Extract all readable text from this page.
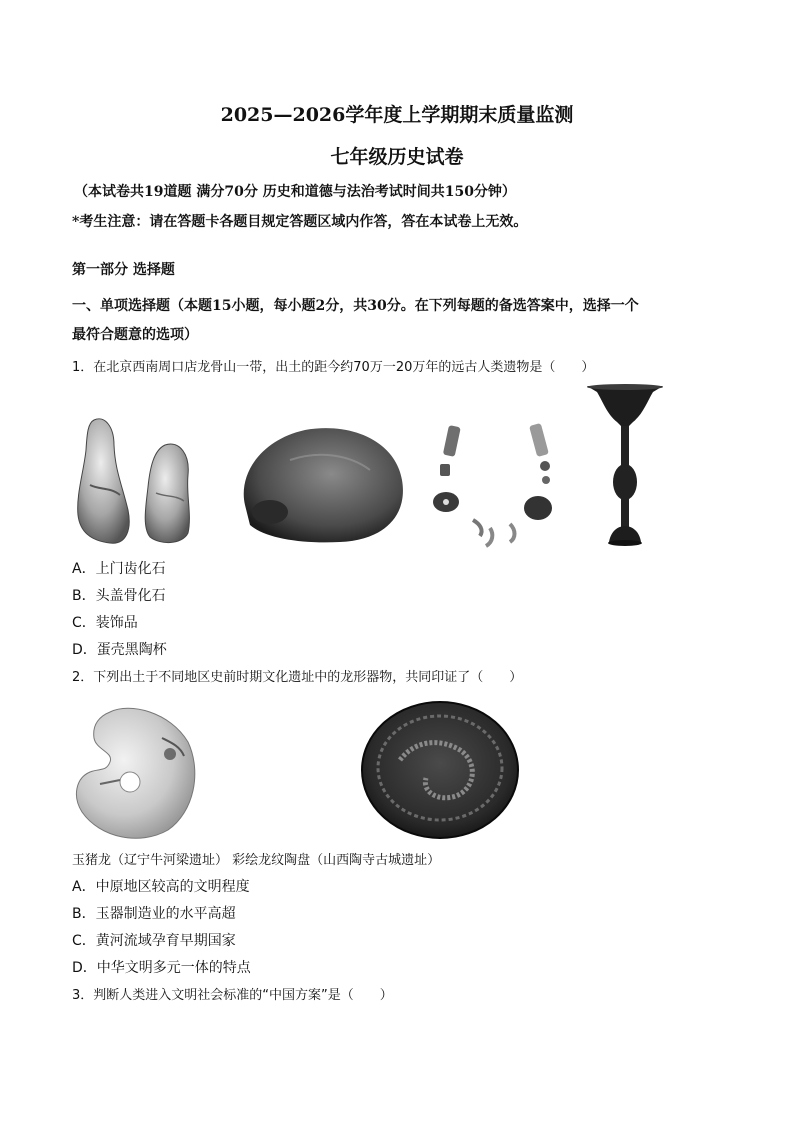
2025—2026学年度上学期期末质量监测
七年级历史试卷
（本试卷共19道题 满分70分 历史和道德与法治考试时间共150分钟）
*考生注意：请在答题卡各题目规定答题区域内作答，答在本试卷上无效。
第一部分 选择题
一、单项选择题（本题15小题，每小题2分，共30分。在下列每题的备选答案中，选择一个
最符合题意的选项）
1．在北京西南周口店龙骨山一带，出土的距今约70万一20万年的远古人类遗物是（　　）
A．上门齿化石
B．头盖骨化石
C．装饰品
D．蛋壳黑陶杯
2．下列出土于不同地区史前时期文化遗址中的龙形器物，共同印证了（　　）
玉猪龙（辽宁牛河梁遗址） 彩绘龙纹陶盘（山西陶寺古城遗址）
A．中原地区较高的文明程度
B．玉器制造业的水平高超
C．黄河流域孕育早期国家
D．中华文明多元一体的特点
3．判断人类进入文明社会标准的“中国方案”是（　　）
